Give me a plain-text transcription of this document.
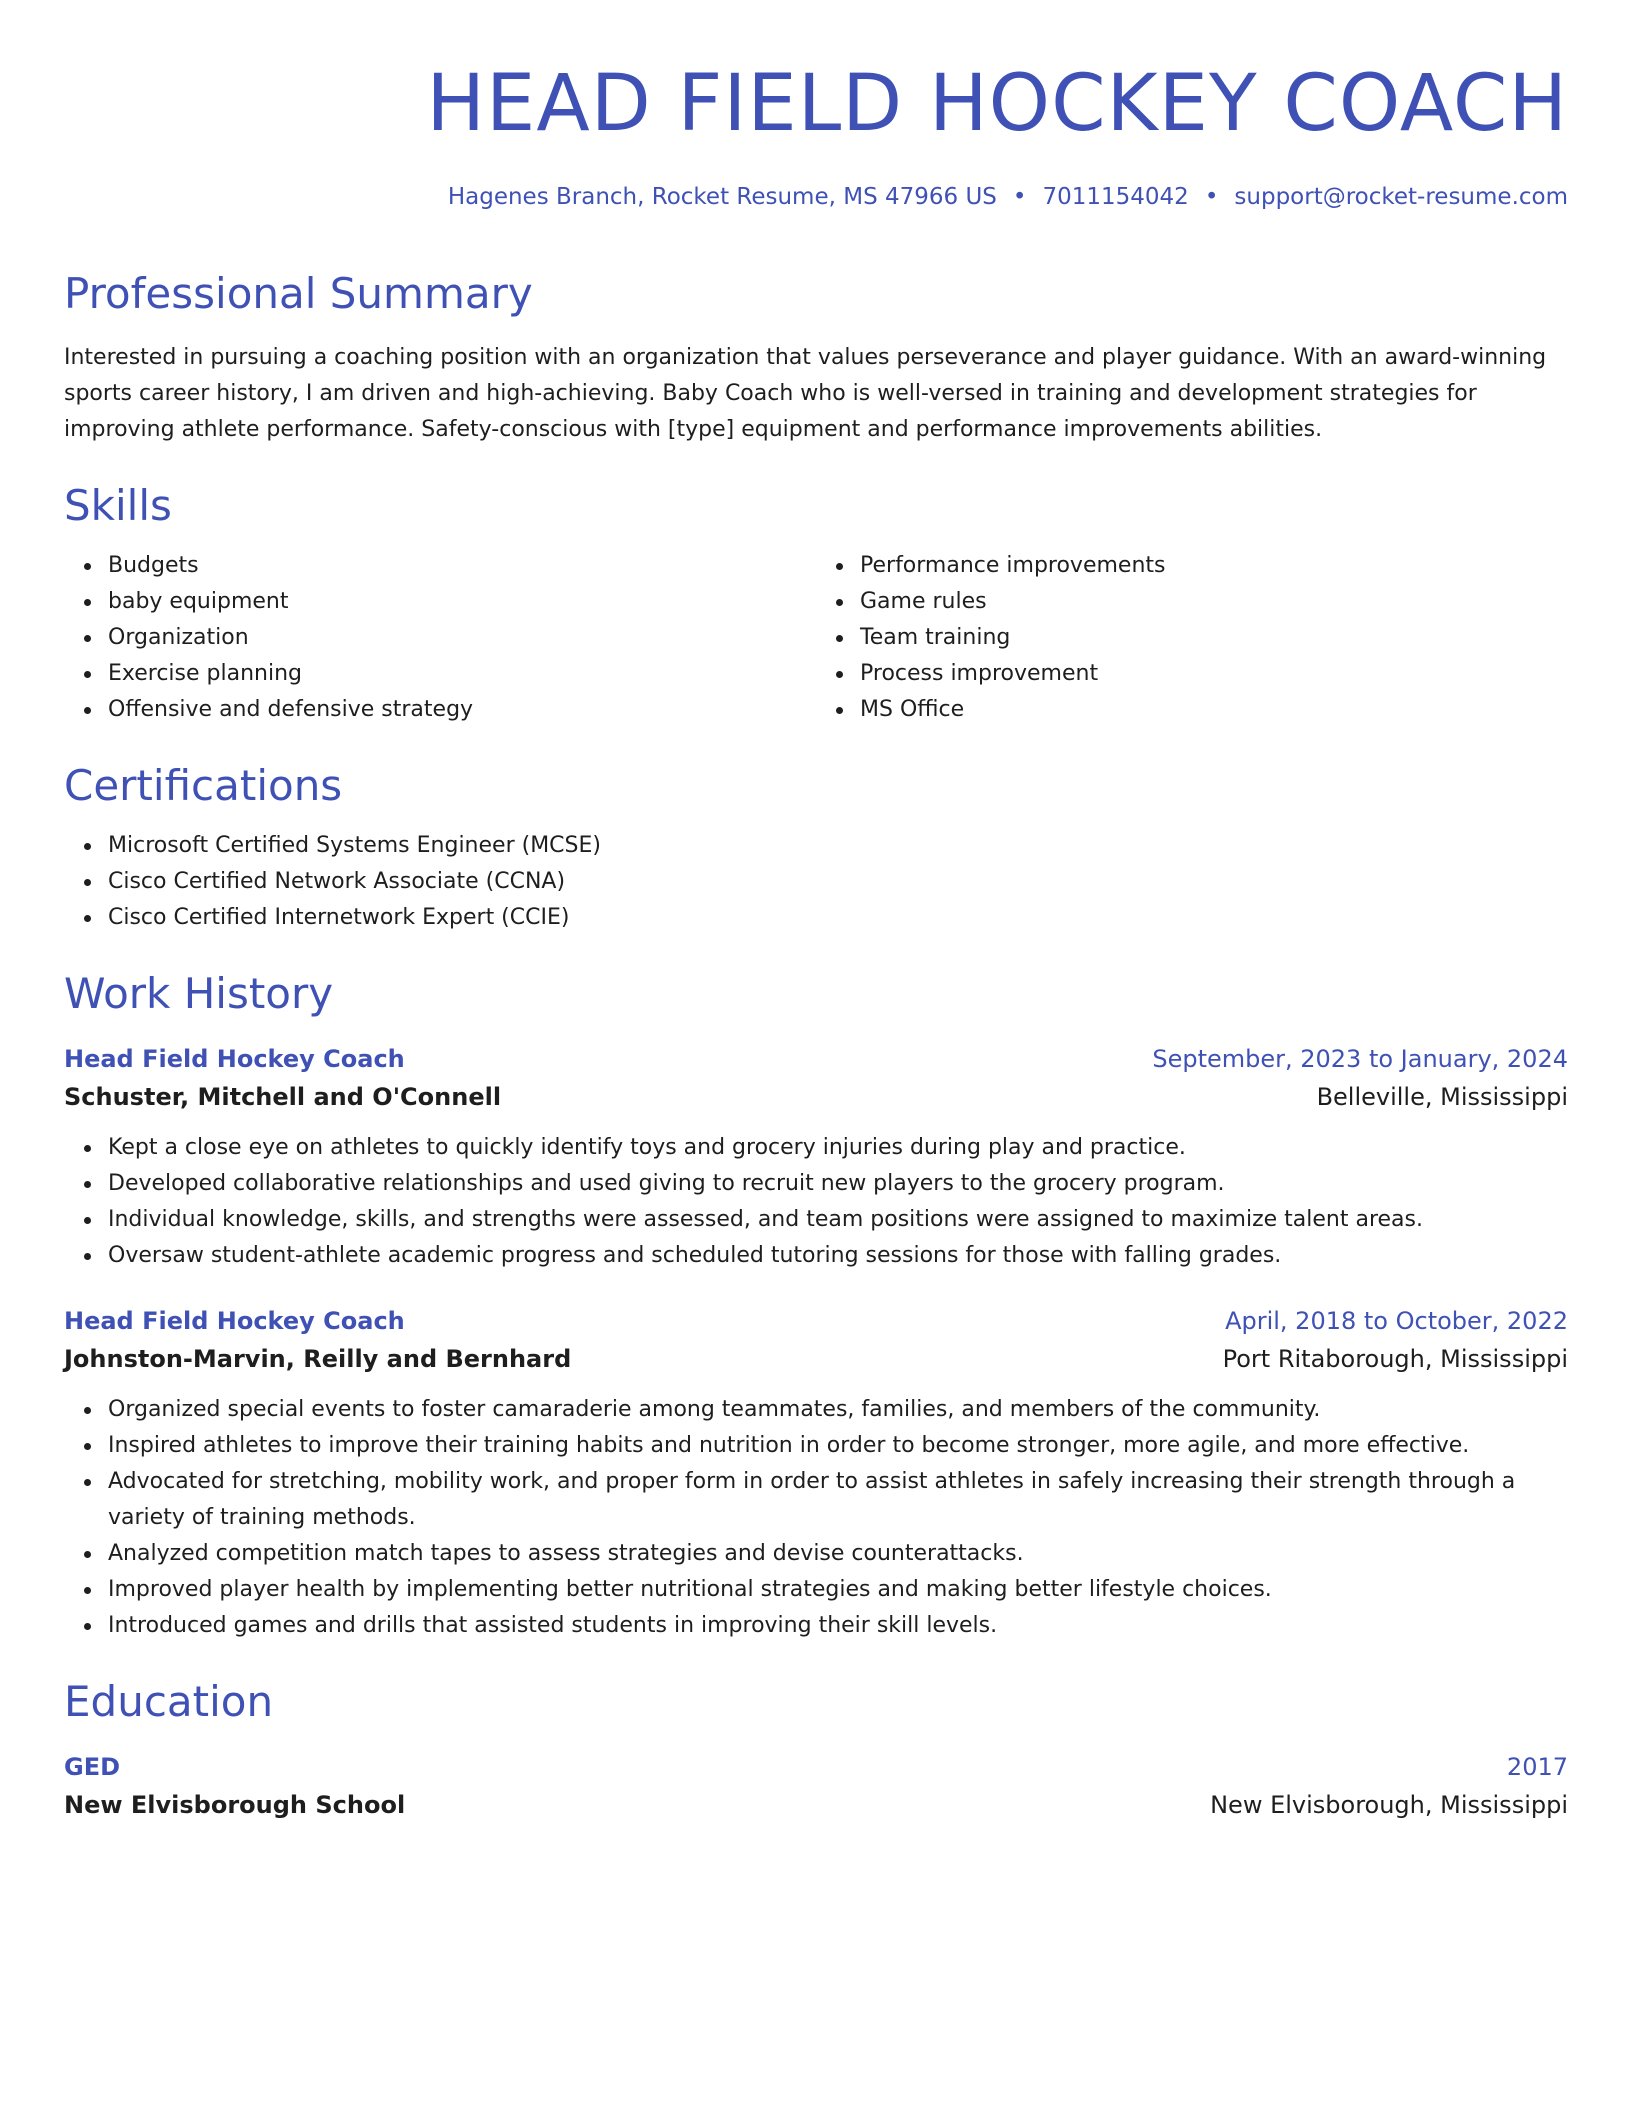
HEAD FIELD HOCKEY COACH
Hagenes Branch, Rocket Resume, MS 47966 US • 7011154042 • support@rocket-resume.com
Professional Summary

Interested in pursuing a coaching position with an organization that values perseverance and player guidance. With an award-winning sports career history, I am driven and high-achieving. Baby Coach who is well-versed in training and development strategies for improving athlete performance. Safety-conscious with [type] equipment and performance improvements abilities.

Skills
Budgets
baby equipment
Organization
Exercise planning
Offensive and defensive strategy
Performance improvements
Game rules
Team training
Process improvement
MS Office
Certifications
Microsoft Certified Systems Engineer (MCSE)
Cisco Certified Network Associate (CCNA)
Cisco Certified Internetwork Expert (CCIE)
Work History
Head Field Hockey Coach	September, 2023 to January, 2024
Schuster, Mitchell and O'Connell	Belleville, Mississippi
Kept a close eye on athletes to quickly identify toys and grocery injuries during play and practice.
Developed collaborative relationships and used giving to recruit new players to the grocery program.
Individual knowledge, skills, and strengths were assessed, and team positions were assigned to maximize talent areas.
Oversaw student-athlete academic progress and scheduled tutoring sessions for those with falling grades.
Head Field Hockey Coach	April, 2018 to October, 2022
Johnston-Marvin, Reilly and Bernhard	Port Ritaborough, Mississippi
Organized special events to foster camaraderie among teammates, families, and members of the community.
Inspired athletes to improve their training habits and nutrition in order to become stronger, more agile, and more effective.
Advocated for stretching, mobility work, and proper form in order to assist athletes in safely increasing their strength through a variety of training methods.
Analyzed competition match tapes to assess strategies and devise counterattacks.
Improved player health by implementing better nutritional strategies and making better lifestyle choices.
Introduced games and drills that assisted students in improving their skill levels.
Education
GED	2017
New Elvisborough School	New Elvisborough, Mississippi
